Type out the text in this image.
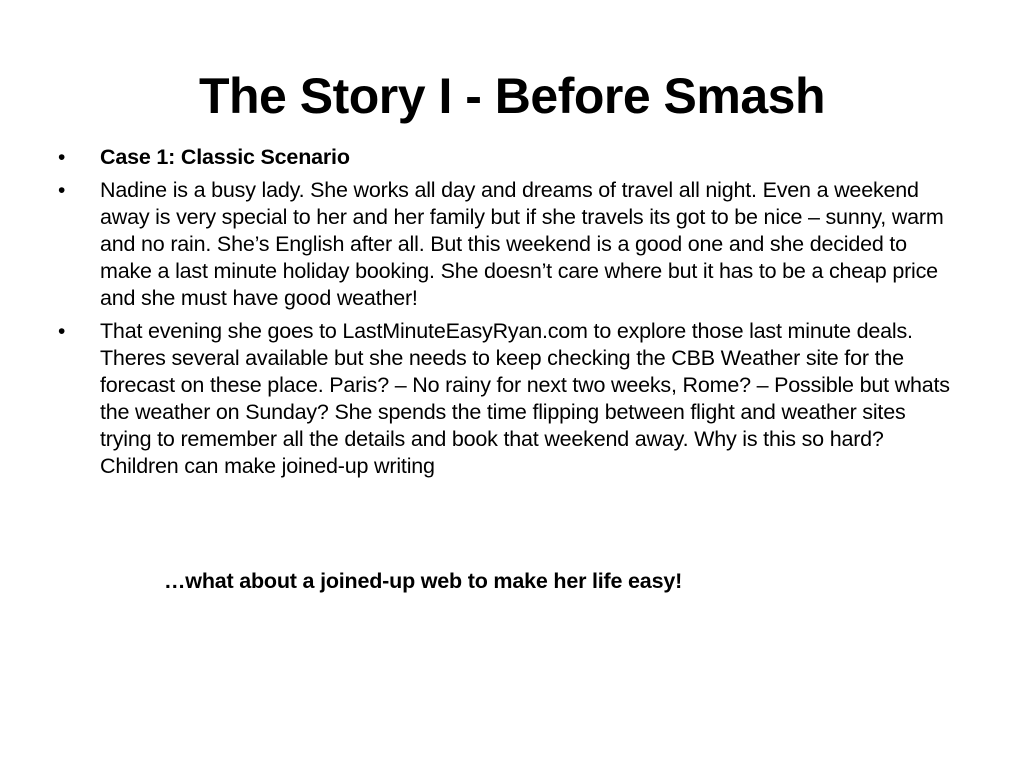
The Story I - Before Smash
• Case 1: Classic Scenario
• Nadine is a busy lady. She works all day and dreams of travel all night. Even a weekend away is very special to her and her family but if she travels its got to be nice – sunny, warm and no rain. She’s English after all. But this weekend is a good one and she decided to make a last minute holiday booking. She doesn’t care where but it has to be a cheap price and she must have good weather!
• That evening she goes to LastMinuteEasyRyan.com to explore those last minute deals. Theres several available but she needs to keep checking the CBB Weather site for the forecast on these place. Paris? – No rainy for next two weeks, Rome? – Possible but whats the weather on Sunday? She spends the time flipping between flight and weather sites trying to remember all the details and book that weekend away. Why is this so hard? Children can make joined-up writing
…what about a joined-up web to make her life easy!
